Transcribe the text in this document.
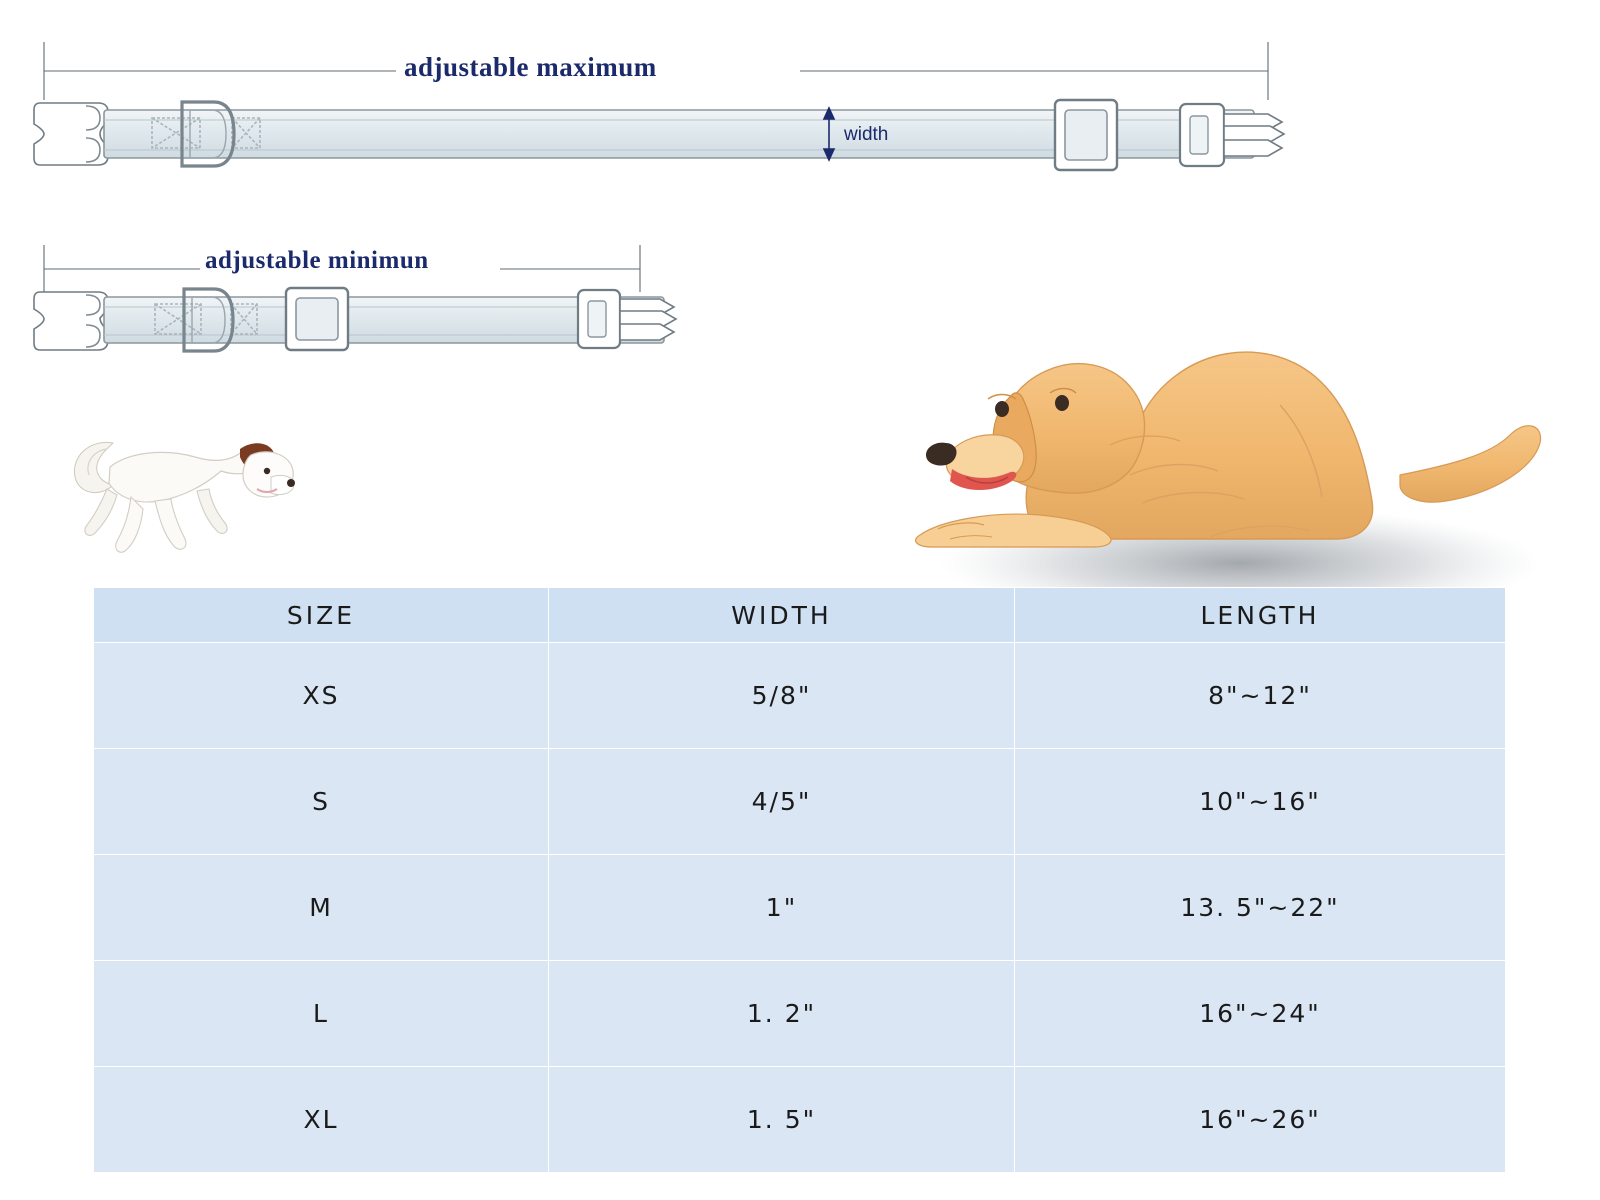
adjustable maximum
adjustable minimun
width
SIZE	WIDTH	LENGTH
XS	5/8"	8"~12"
S	4/5"	10"~16"
M	1"	13. 5"~22"
L	1. 2"	16"~24"
XL	1. 5"	16"~26"
